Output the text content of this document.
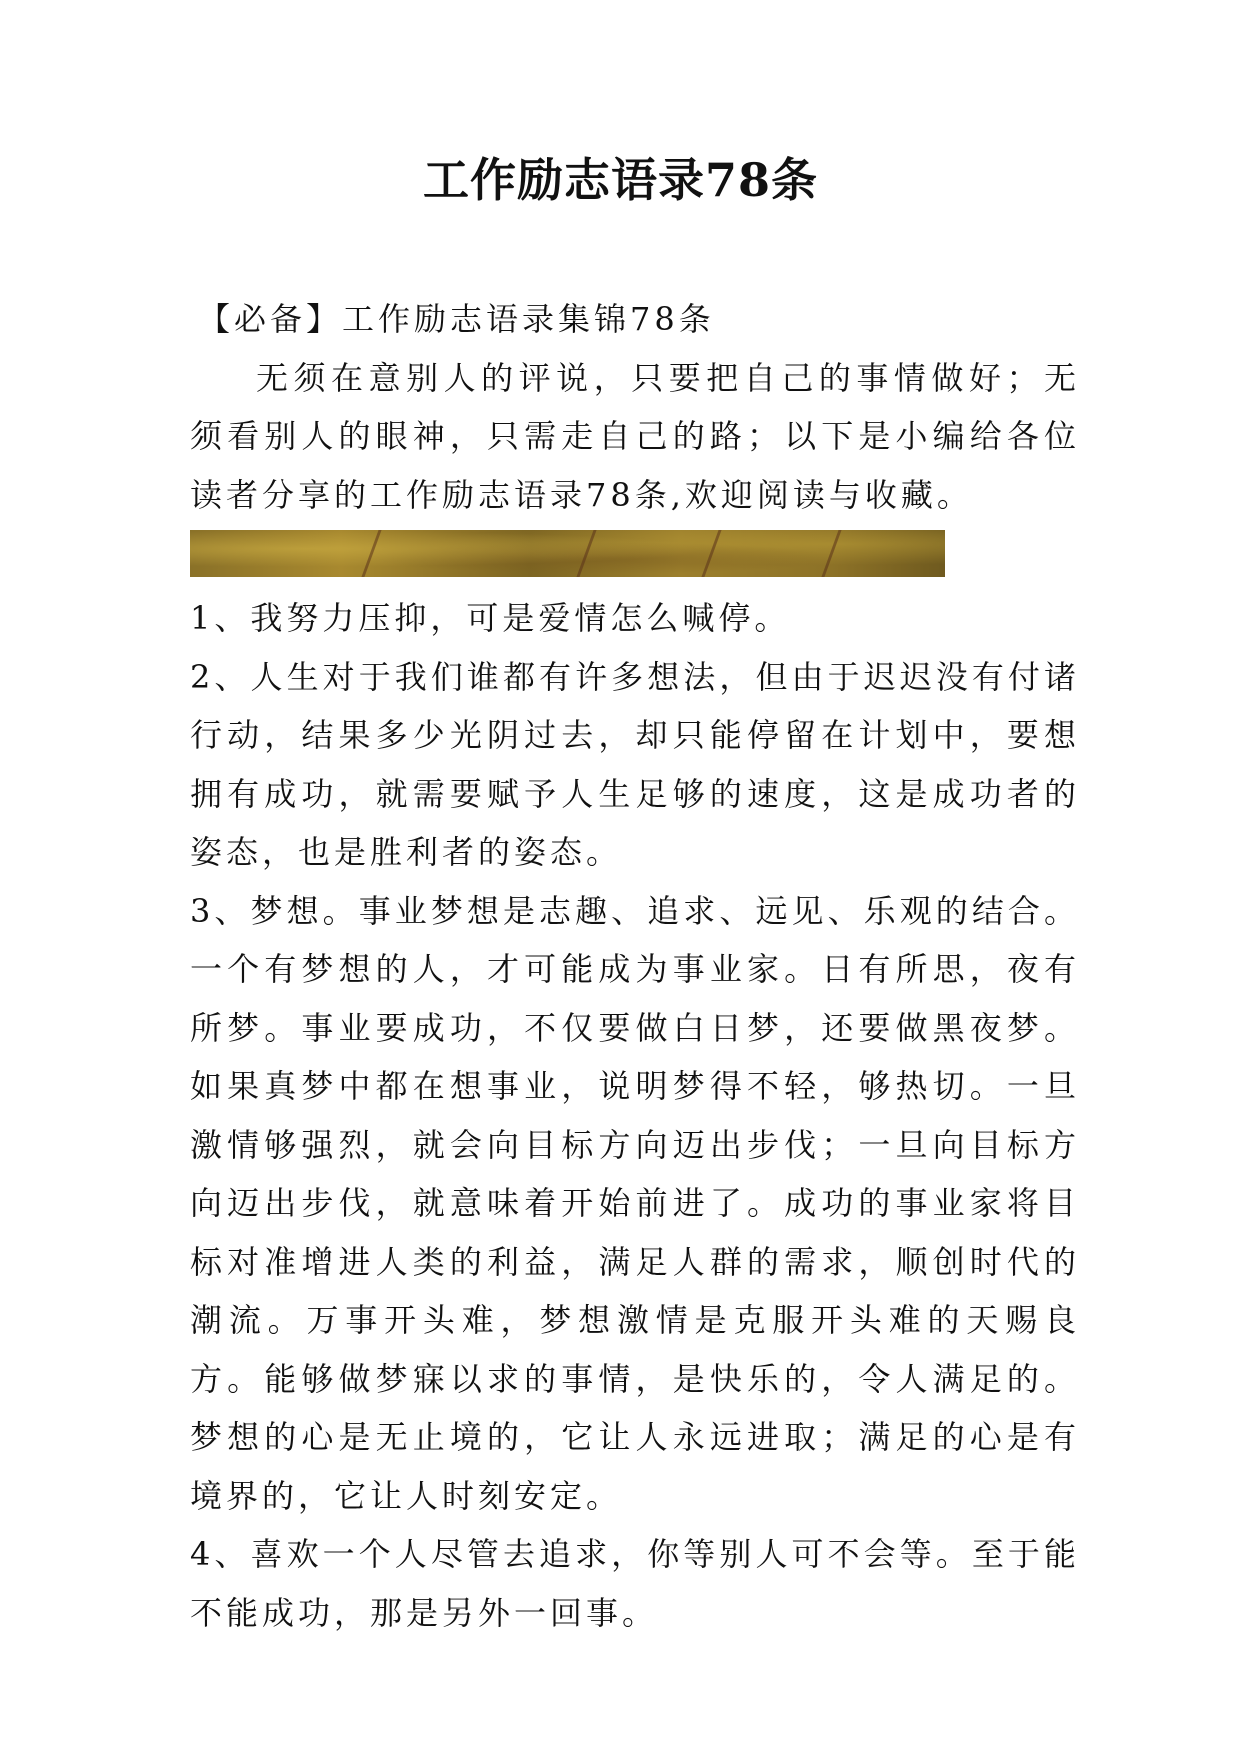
工作励志语录78条

【必备】工作励志语录集锦78条

无须在意别人的评说，只要把自己的事情做好；无须看别人的眼神，只需走自己的路；以下是小编给各位读者分享的工作励志语录78条,欢迎阅读与收藏。

1、我努力压抑，可是爱情怎么喊停。

2、人生对于我们谁都有许多想法，但由于迟迟没有付诸行动，结果多少光阴过去，却只能停留在计划中，要想拥有成功，就需要赋予人生足够的速度，这是成功者的姿态，也是胜利者的姿态。

3、梦想。事业梦想是志趣、追求、远见、乐观的结合。一个有梦想的人，才可能成为事业家。日有所思，夜有所梦。事业要成功，不仅要做白日梦，还要做黑夜梦。如果真梦中都在想事业，说明梦得不轻，够热切。一旦激情够强烈，就会向目标方向迈出步伐；一旦向目标方向迈出步伐，就意味着开始前进了。成功的事业家将目标对准增进人类的利益，满足人群的需求，顺创时代的潮流。万事开头难，梦想激情是克服开头难的天赐良方。能够做梦寐以求的事情，是快乐的，令人满足的。梦想的心是无止境的，它让人永远进取；满足的心是有境界的，它让人时刻安定。

4、喜欢一个人尽管去追求，你等别人可不会等。至于能不能成功，那是另外一回事。
